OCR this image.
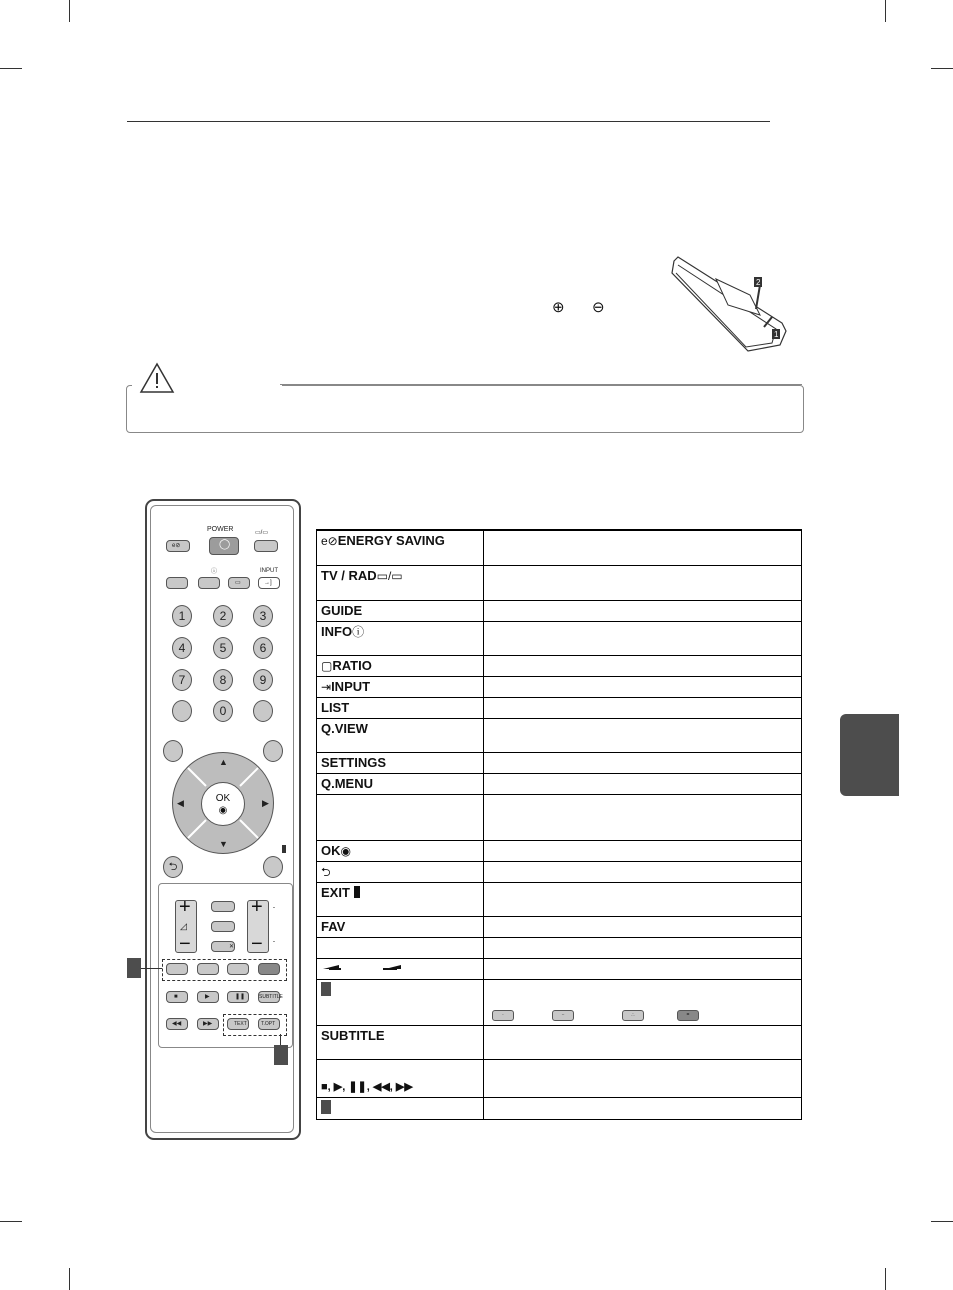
⊕ ⊖
2
1
POWER
e⊘	◯
▭/▭
ⓘ
▭
INPUT
→]
1	2	3
4	5	6
7	8	9
0
▲
▼
◀	▶
OK
◉
⮌
+
◿
−	✕
+
−
ˆ
ˇ
■	▶	❚❚	SUBTITLE
◀◀	▶▶	TEXT	T.OPT
e⊘ENERGY SAVING	
TV / RAD▭/▭	
GUIDE	
INFOⓘ	
▢RATIO	
⇥INPUT	
LIST	
Q.VIEW	
SETTINGS	
Q.MENU	

OK◉	
⮌	
EXIT	
FAV	

	· ·· ∴ =

SUBTITLE	
■, ▶, ❚❚, ◀◀, ▶▶	
